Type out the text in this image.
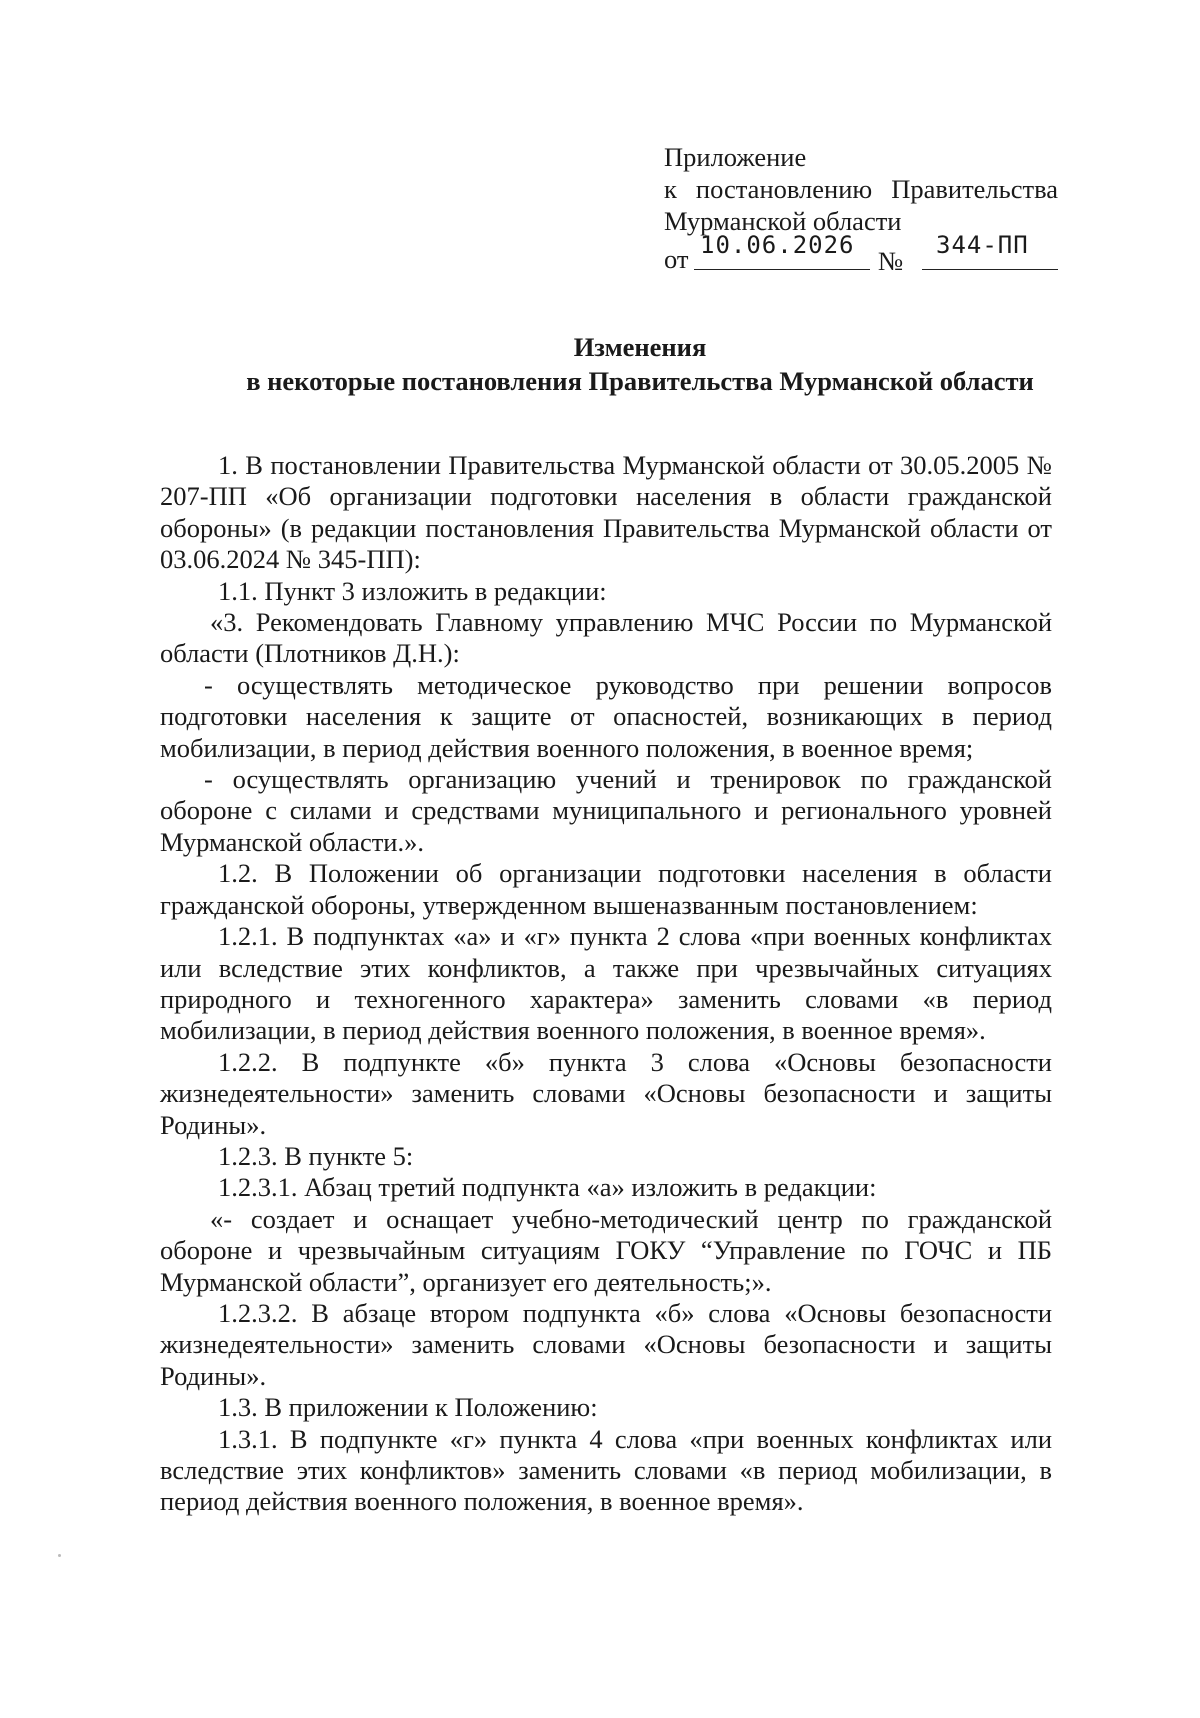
Приложение
к постановлению Правительства
Мурманской области
от 10.06.2026
№
344-ПП
Изменения
в некоторые постановления Правительства Мурманской области

1. В постановлении Правительства Мурманской области от 30.05.2005 № 207-ПП «Об организации подготовки населения в области гражданской обороны» (в редакции постановления Правительства Мурманской области от 03.06.2024 № 345-ПП):

1.1. Пункт 3 изложить в редакции:

«3. Рекомендовать Главному управлению МЧС России по Мурманской области (Плотников Д.Н.):

- осуществлять методическое руководство при решении вопросов подготовки населения к защите от опасностей, возникающих в период мобилизации, в период действия военного положения, в военное время;

- осуществлять организацию учений и тренировок по гражданской обороне с силами и средствами муниципального и регионального уровней Мурманской области.».

1.2. В Положении об организации подготовки населения в области гражданской обороны, утвержденном вышеназванным постановлением:

1.2.1. В подпунктах «а» и «г» пункта 2 слова «при военных конфликтах или вследствие этих конфликтов, а также при чрезвычайных ситуациях природного и техногенного характера» заменить словами «в период мобилизации, в период действия военного положения, в военное время».

1.2.2. В подпункте «б» пункта 3 слова «Основы безопасности жизнедеятельности» заменить словами «Основы безопасности и защиты Родины».

1.2.3. В пункте 5:

1.2.3.1. Абзац третий подпункта «а» изложить в редакции:

«- создает и оснащает учебно-методический центр по гражданской обороне и чрезвычайным ситуациям ГОКУ “Управление по ГОЧС и ПБ Мурманской области”, организует его деятельность;».

1.2.3.2. В абзаце втором подпункта «б» слова «Основы безопасности жизнедеятельности» заменить словами «Основы безопасности и защиты Родины».

1.3. В приложении к Положению:

1.3.1. В подпункте «г» пункта 4 слова «при военных конфликтах или вследствие этих конфликтов» заменить словами «в период мобилизации, в период действия военного положения, в военное время».
